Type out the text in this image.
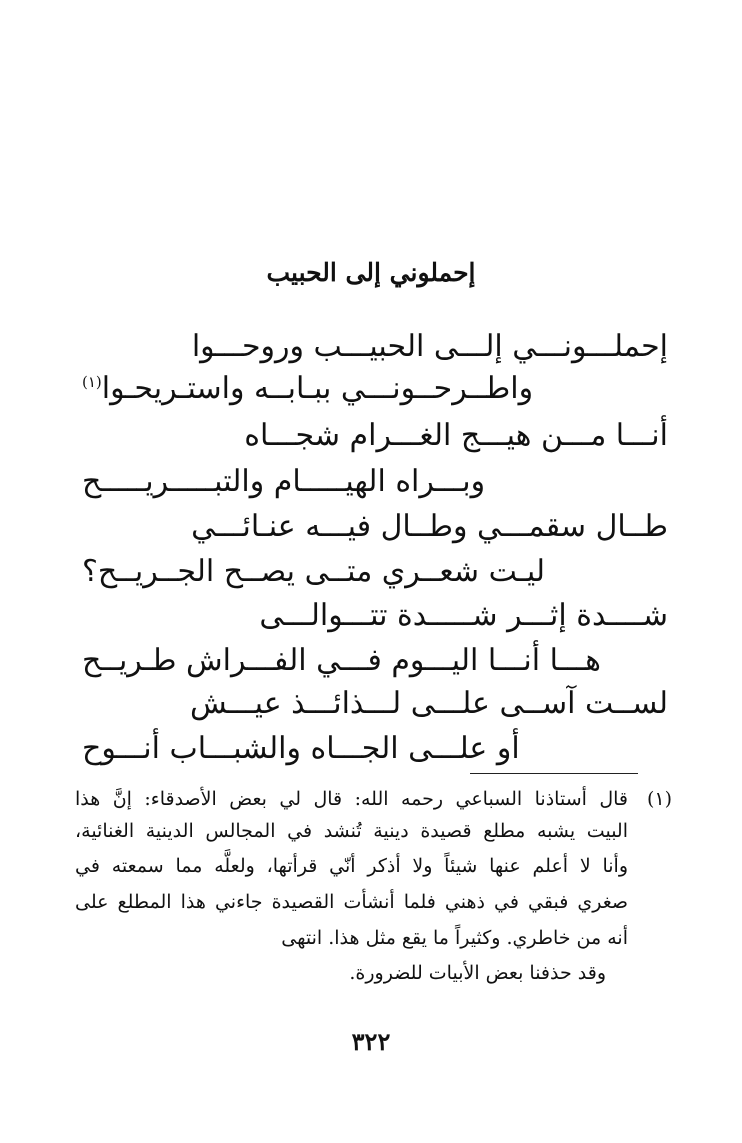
إحملوني إلى الحبيب
إحملـــونـــي إلـــى الحبيـــب وروحـــوا
واطــرحــونـــي ببـابــه واستـريحـوا$^{(١)}$
أنـــا مـــن هيـــج الغـــرام شجـــاه
وبـــراه الهيـــــام والتبـــــريـــــح
طــال سقمـــي وطــال فيـــه عنـائـــي
ليـت شعــري متــى يصــح الجــريــح؟
شــــدة إثـــر شـــــدة تتـــوالـــى
هـــا أنـــا اليـــوم فـــي الفـــراش طـريــح
لســت آســى علـــى لـــذائـــذ عيـــش
أو علـــى الجـــاه والشبـــاب أنـــوح
(١)
قال أستاذنا السباعي رحمه الله: قال لي بعض الأصدقاء: إنَّ هذا
البيت يشبه مطلع قصيدة دينية تُنشد في المجالس الدينية الغنائية،
وأنا لا أعلم عنها شيئاً ولا أذكر أنّي قرأتها، ولعلَّه مما سمعته في
صغري فبقي في ذهني فلما أنشأت القصيدة جاءني هذا المطلع على
أنه من خاطري. وكثيراً ما يقع مثل هذا. انتهى
وقد حذفنا بعض الأبيات للضرورة.
٣٢٢
